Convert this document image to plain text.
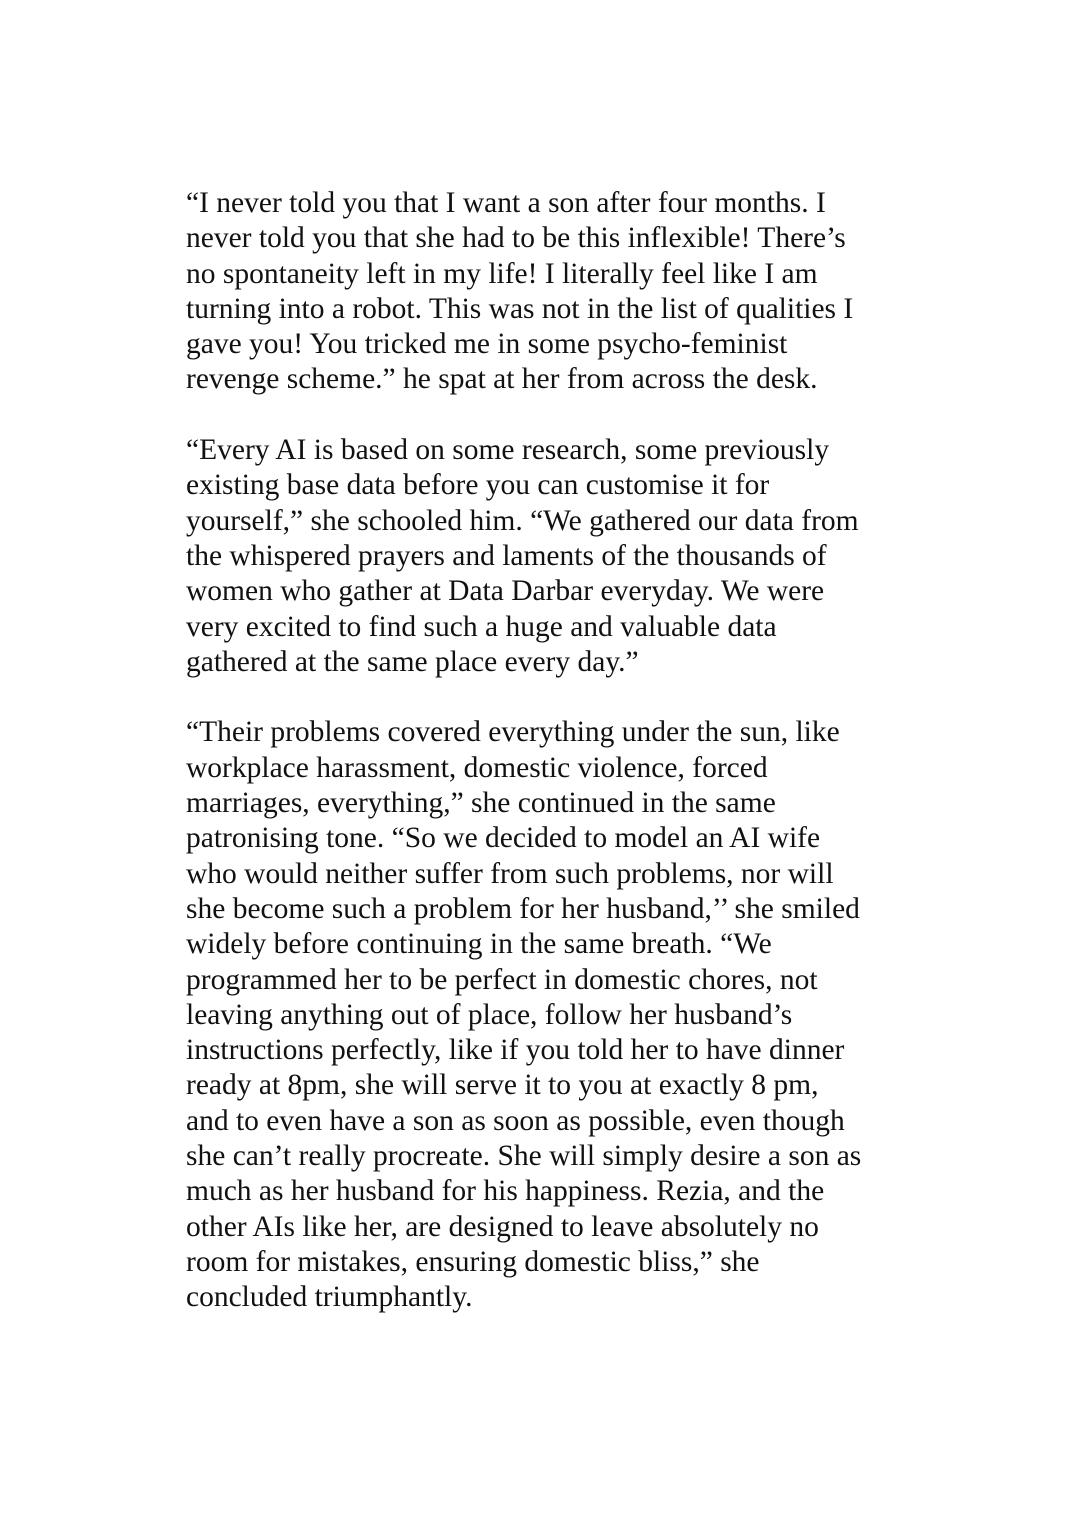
“I never told you that I want a son after four months. I
never told you that she had to be this inflexible! There’s
no spontaneity left in my life! I literally feel like I am
turning into a robot. This was not in the list of qualities I
gave you! You tricked me in some psycho-feminist
revenge scheme.” he spat at her from across the desk.

“Every AI is based on some research, some previously
existing base data before you can customise it for
yourself,” she schooled him. “We gathered our data from
the whispered prayers and laments of the thousands of
women who gather at Data Darbar everyday. We were
very excited to find such a huge and valuable data
gathered at the same place every day.”

“Their problems covered everything under the sun, like
workplace harassment, domestic violence, forced
marriages, everything,” she continued in the same
patronising tone. “So we decided to model an AI wife
who would neither suffer from such problems, nor will
she become such a problem for her husband,’’ she smiled
widely before continuing in the same breath. “We
programmed her to be perfect in domestic chores, not
leaving anything out of place, follow her husband’s
instructions perfectly, like if you told her to have dinner
ready at 8pm, she will serve it to you at exactly 8 pm,
and to even have a son as soon as possible, even though
she can’t really procreate. She will simply desire a son as
much as her husband for his happiness. Rezia, and the
other AIs like her, are designed to leave absolutely no
room for mistakes, ensuring domestic bliss,” she
concluded triumphantly.
